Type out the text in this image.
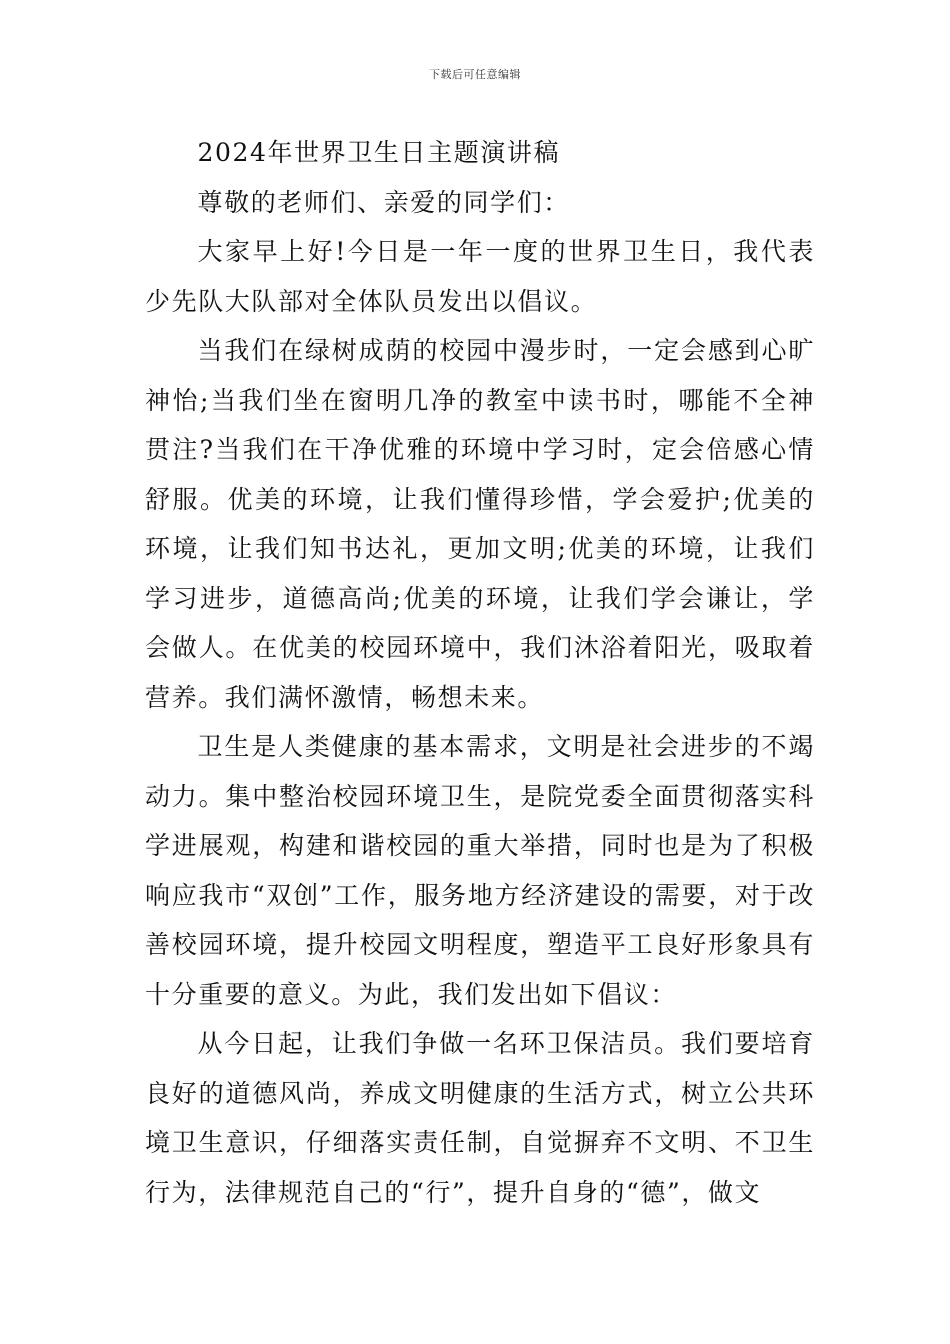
下载后可任意编辑

2024年世界卫生日主题演讲稿

尊敬的老师们、亲爱的同学们：

大家早上好!今日是一年一度的世界卫生日，我代表少先队大队部对全体队员发出以倡议。

当我们在绿树成荫的校园中漫步时，一定会感到心旷神怡;当我们坐在窗明几净的教室中读书时，哪能不全神贯注?当我们在干净优雅的环境中学习时，定会倍感心情舒服。优美的环境，让我们懂得珍惜，学会爱护;优美的环境，让我们知书达礼，更加文明;优美的环境，让我们学习进步，道德高尚;优美的环境，让我们学会谦让，学会做人。在优美的校园环境中，我们沐浴着阳光，吸取着营养。我们满怀激情，畅想未来。

卫生是人类健康的基本需求，文明是社会进步的不竭动力。集中整治校园环境卫生，是院党委全面贯彻落实科学进展观，构建和谐校园的重大举措，同时也是为了积极响应我市“双创”工作，服务地方经济建设的需要，对于改善校园环境，提升校园文明程度，塑造平工良好形象具有十分重要的意义。为此，我们发出如下倡议：

从今日起，让我们争做一名环卫保洁员。我们要培育良好的道德风尚，养成文明健康的生活方式，树立公共环境卫生意识，仔细落实责任制，自觉摒弃不文明、不卫生行为，法律规范自己的“行”，提升自身的“德”，做文
